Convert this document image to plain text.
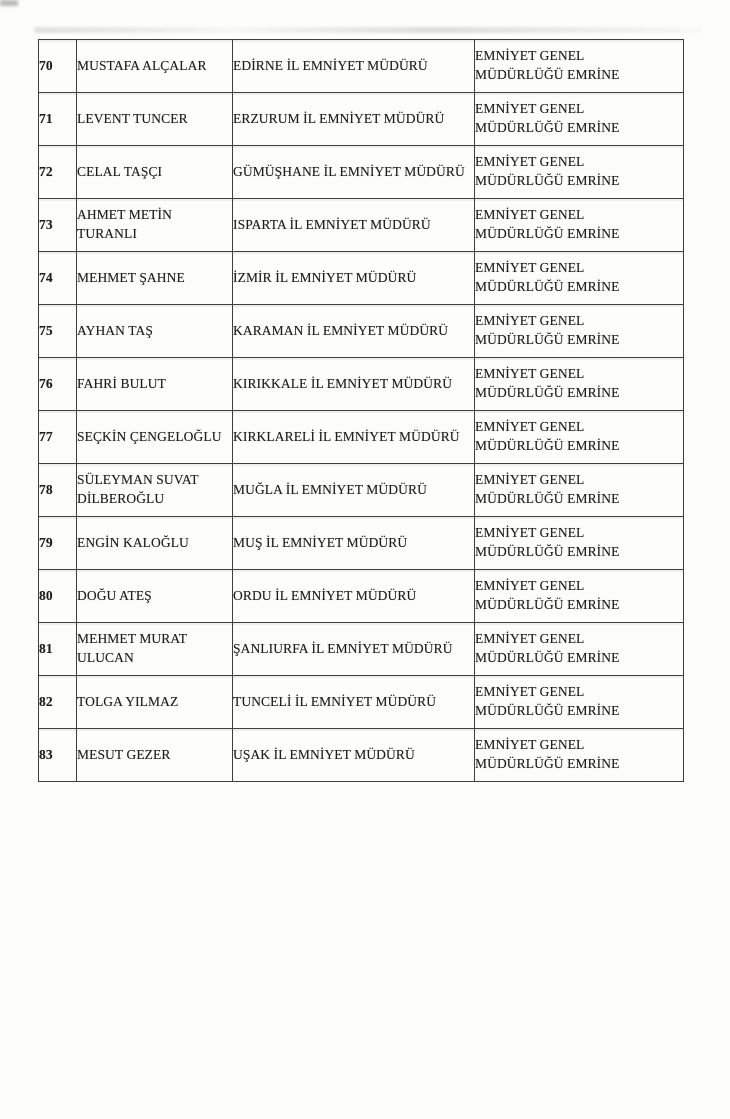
70	MUSTAFA ALÇALAR	EDİRNE İL EMNİYET MÜDÜRÜ	EMNİYET GENEL
MÜDÜRLÜĞÜ EMRİNE

71	LEVENT TUNCER	ERZURUM İL EMNİYET MÜDÜRÜ	EMNİYET GENEL
MÜDÜRLÜĞÜ EMRİNE

72	CELAL TAŞÇI	GÜMÜŞHANE İL EMNİYET MÜDÜRÜ	EMNİYET GENEL
MÜDÜRLÜĞÜ EMRİNE

73	AHMET METİN TURANLI	ISPARTA İL EMNİYET MÜDÜRÜ	EMNİYET GENEL
MÜDÜRLÜĞÜ EMRİNE

74	MEHMET ŞAHNE	İZMİR İL EMNİYET MÜDÜRÜ	EMNİYET GENEL
MÜDÜRLÜĞÜ EMRİNE

75	AYHAN TAŞ	KARAMAN İL EMNİYET MÜDÜRÜ	EMNİYET GENEL
MÜDÜRLÜĞÜ EMRİNE

76	FAHRİ BULUT	KIRIKKALE İL EMNİYET MÜDÜRÜ	EMNİYET GENEL
MÜDÜRLÜĞÜ EMRİNE

77	SEÇKİN ÇENGELOĞLU	KIRKLARELİ İL EMNİYET MÜDÜRÜ	EMNİYET GENEL
MÜDÜRLÜĞÜ EMRİNE

78	SÜLEYMAN SUVAT DİLBEROĞLU	MUĞLA İL EMNİYET MÜDÜRÜ	EMNİYET GENEL
MÜDÜRLÜĞÜ EMRİNE

79	ENGİN KALOĞLU	MUŞ İL EMNİYET MÜDÜRÜ	EMNİYET GENEL
MÜDÜRLÜĞÜ EMRİNE

80	DOĞU ATEŞ	ORDU İL EMNİYET MÜDÜRÜ	EMNİYET GENEL
MÜDÜRLÜĞÜ EMRİNE

81	MEHMET MURAT ULUCAN	ŞANLIURFA İL EMNİYET MÜDÜRÜ	EMNİYET GENEL
MÜDÜRLÜĞÜ EMRİNE

82	TOLGA YILMAZ	TUNCELİ İL EMNİYET MÜDÜRÜ	EMNİYET GENEL
MÜDÜRLÜĞÜ EMRİNE

83	MESUT GEZER	UŞAK İL EMNİYET MÜDÜRÜ	EMNİYET GENEL
MÜDÜRLÜĞÜ EMRİNE
